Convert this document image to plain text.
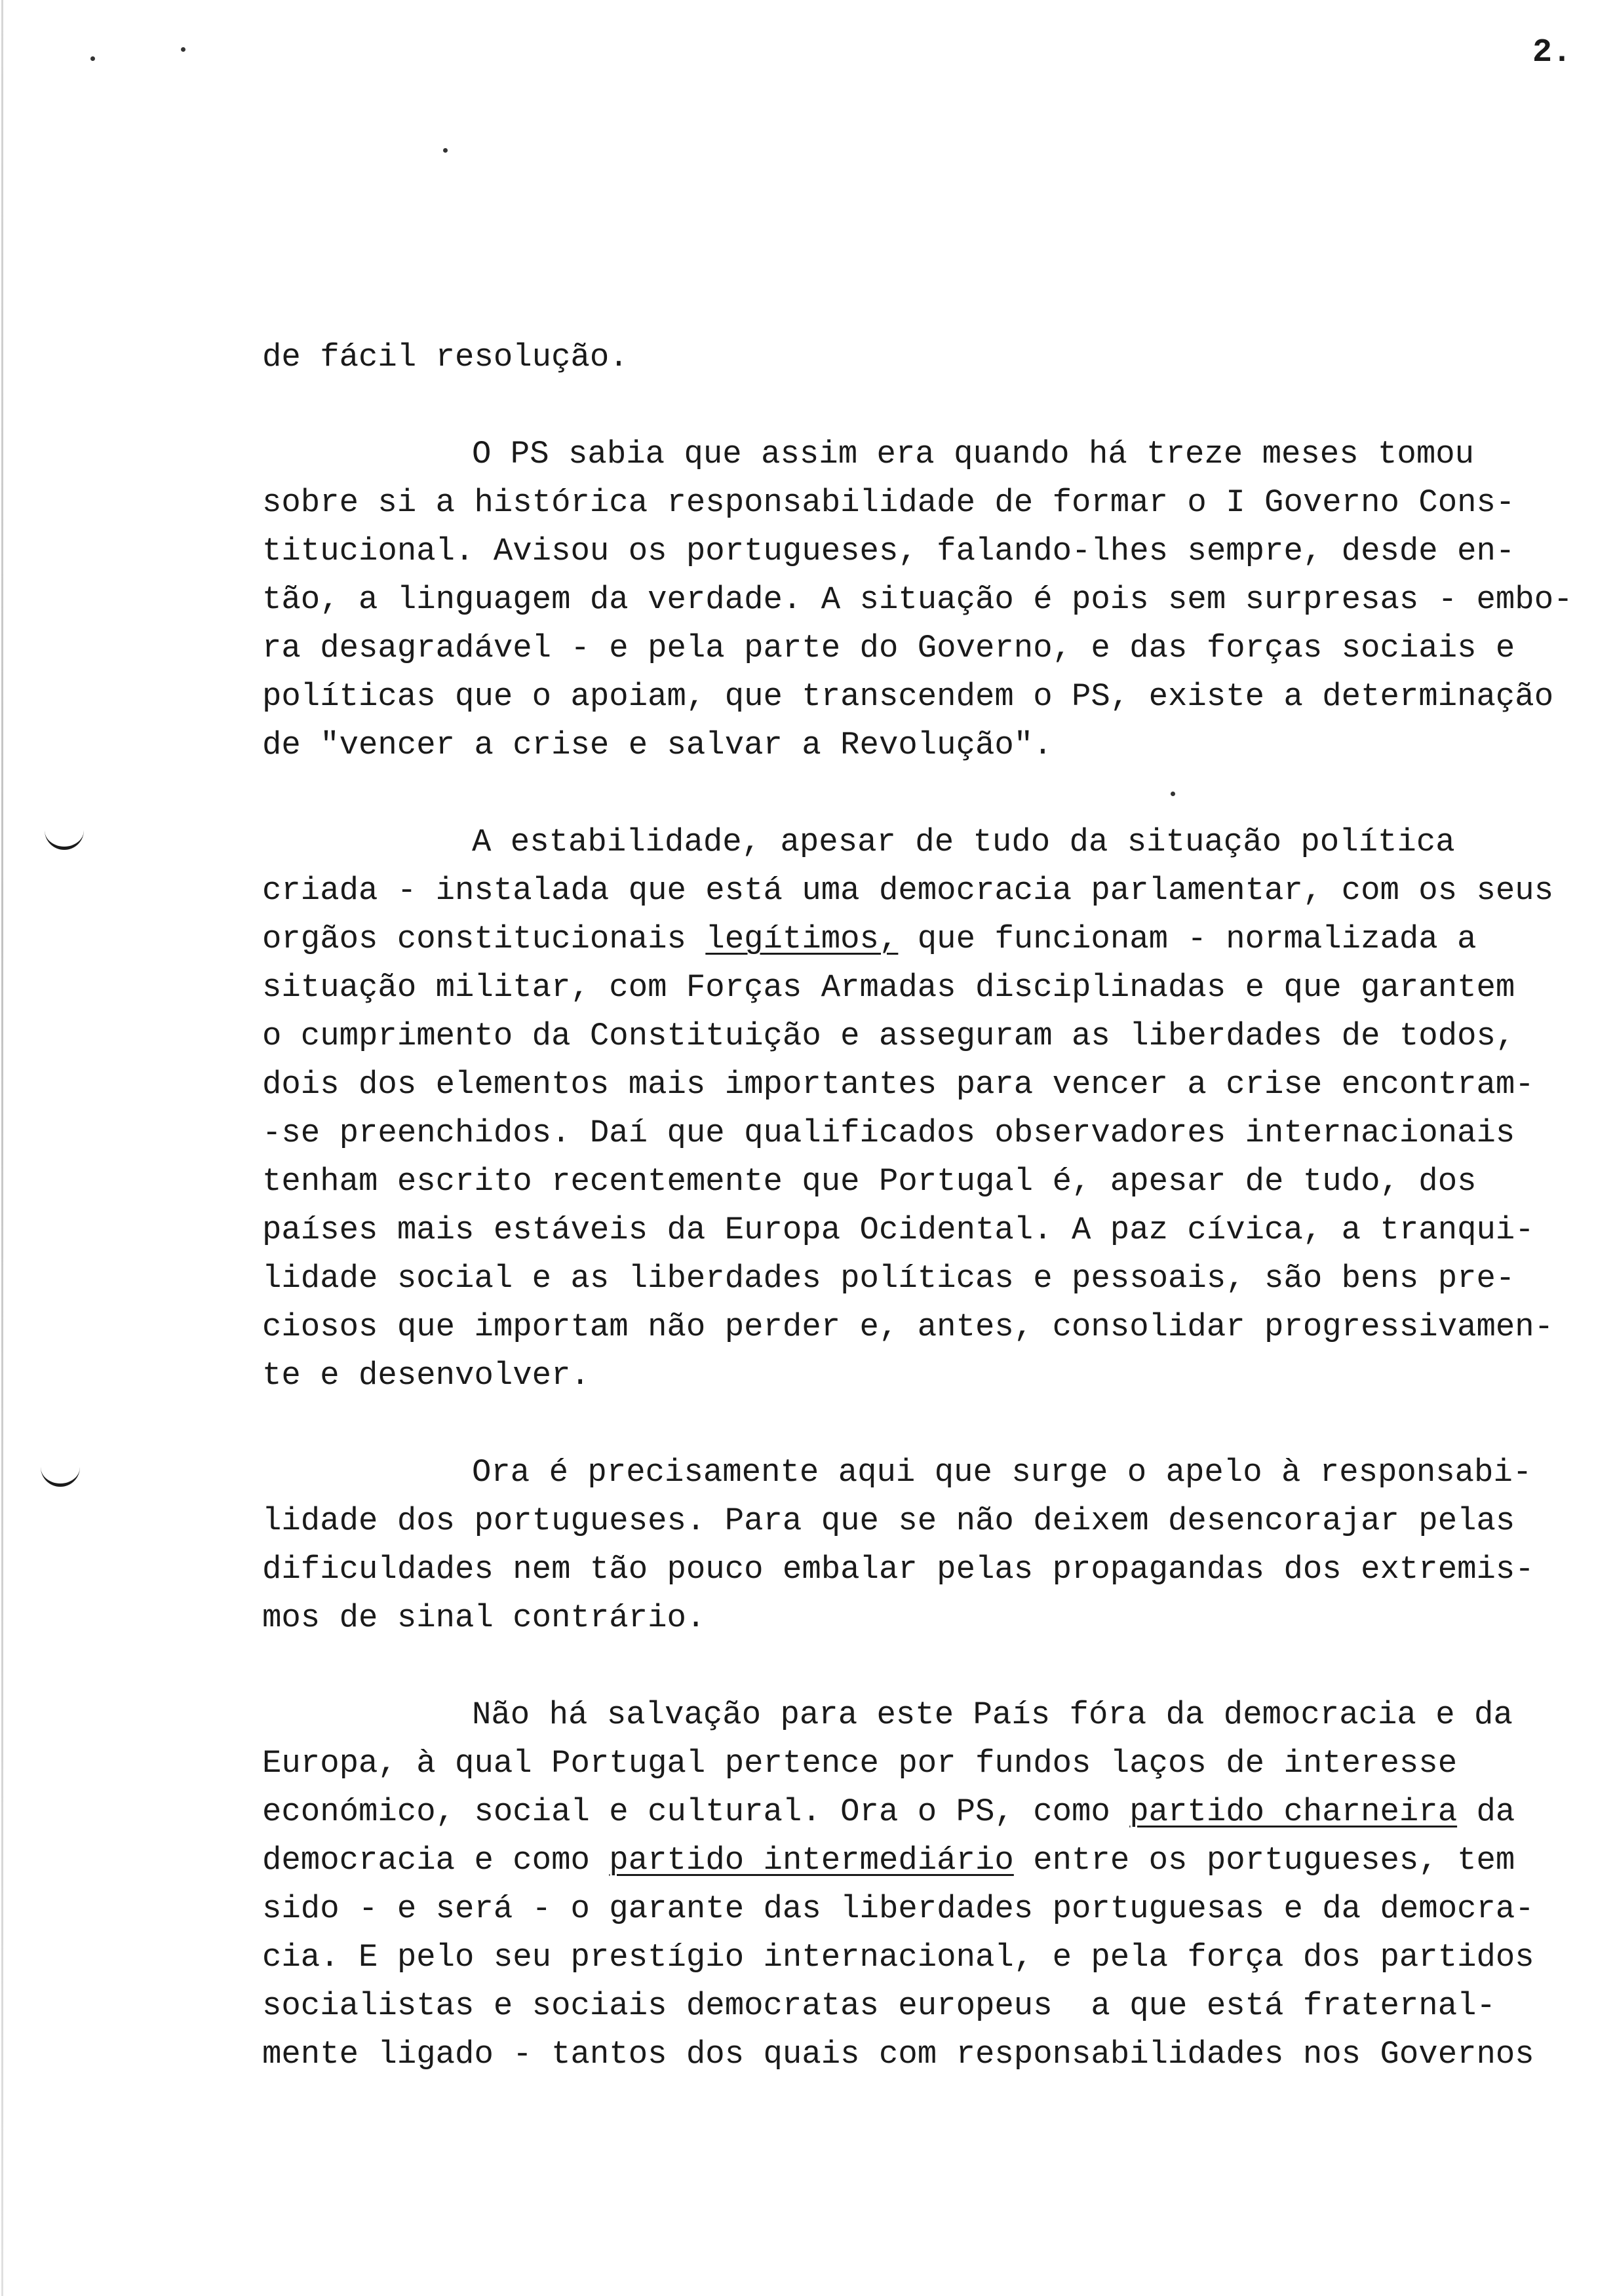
2.
de fácil resolução.
O PS sabia que assim era quando há treze meses tomou
sobre si a histórica responsabilidade de formar o I Governo Cons-
titucional. Avisou os portugueses, falando-lhes sempre, desde en-
tão, a linguagem da verdade. A situação é pois sem surpresas - embo-
ra desagradável - e pela parte do Governo, e das forças sociais e
políticas que o apoiam, que transcendem o PS, existe a determinação
de "vencer a crise e salvar a Revolução".
A estabilidade, apesar de tudo da situação política
criada - instalada que está uma democracia parlamentar, com os seus
orgãos constitucionais legítimos, que funcionam - normalizada a
situação militar, com Forças Armadas disciplinadas e que garantem
o cumprimento da Constituição e asseguram as liberdades de todos,
dois dos elementos mais importantes para vencer a crise encontram-
-se preenchidos. Daí que qualificados observadores internacionais
tenham escrito recentemente que Portugal é, apesar de tudo, dos
países mais estáveis da Europa Ocidental. A paz cívica, a tranqui-
lidade social e as liberdades políticas e pessoais, são bens pre-
ciosos que importam não perder e, antes, consolidar progressivamen-
te e desenvolver.
Ora é precisamente aqui que surge o apelo à responsabi-
lidade dos portugueses. Para que se não deixem desencorajar pelas
dificuldades nem tão pouco embalar pelas propagandas dos extremis-
mos de sinal contrário.
Não há salvação para este País fóra da democracia e da
Europa, à qual Portugal pertence por fundos laços de interesse
económico, social e cultural. Ora o PS, como partido charneira da
democracia e como partido intermediário entre os portugueses, tem
sido - e será - o garante das liberdades portuguesas e da democra-
cia. E pelo seu prestígio internacional, e pela força dos partidos
socialistas e sociais democratas europeus  a que está fraternal-
mente ligado - tantos dos quais com responsabilidades nos Governos
